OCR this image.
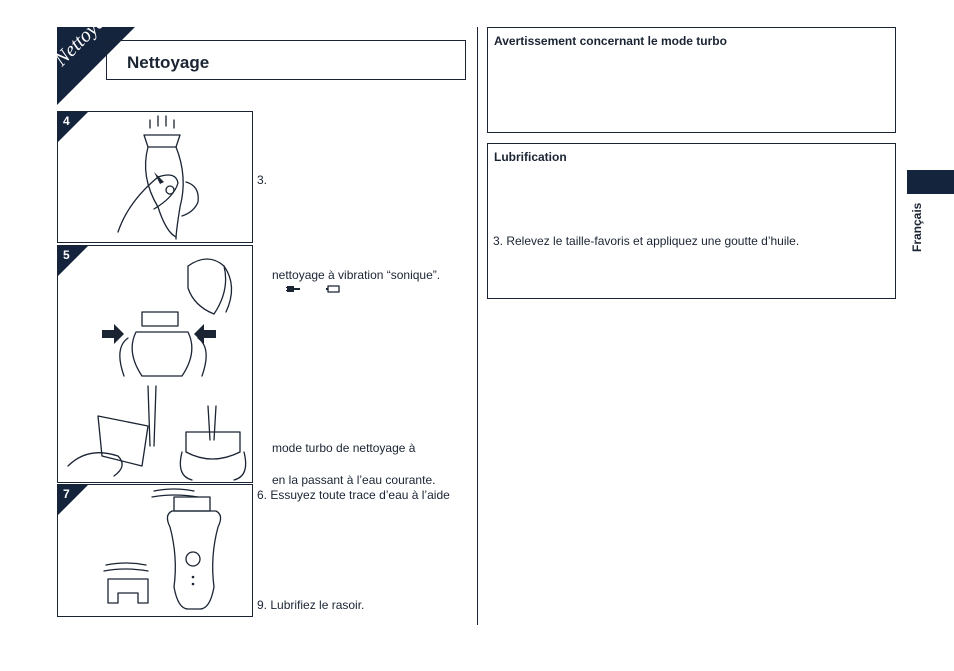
Nettoyer Nettoyage
4
5
7
3.
nettoyage à vibration “sonique”.
mode turbo de nettoyage à
en la passant à l’eau courante.
6. Essuyez toute trace d’eau à l’aide
9. Lubrifiez le rasoir.
Avertissement concernant le mode turbo
Lubrification
3. Relevez le taille-favoris et appliquez une goutte d’huile.	Français
